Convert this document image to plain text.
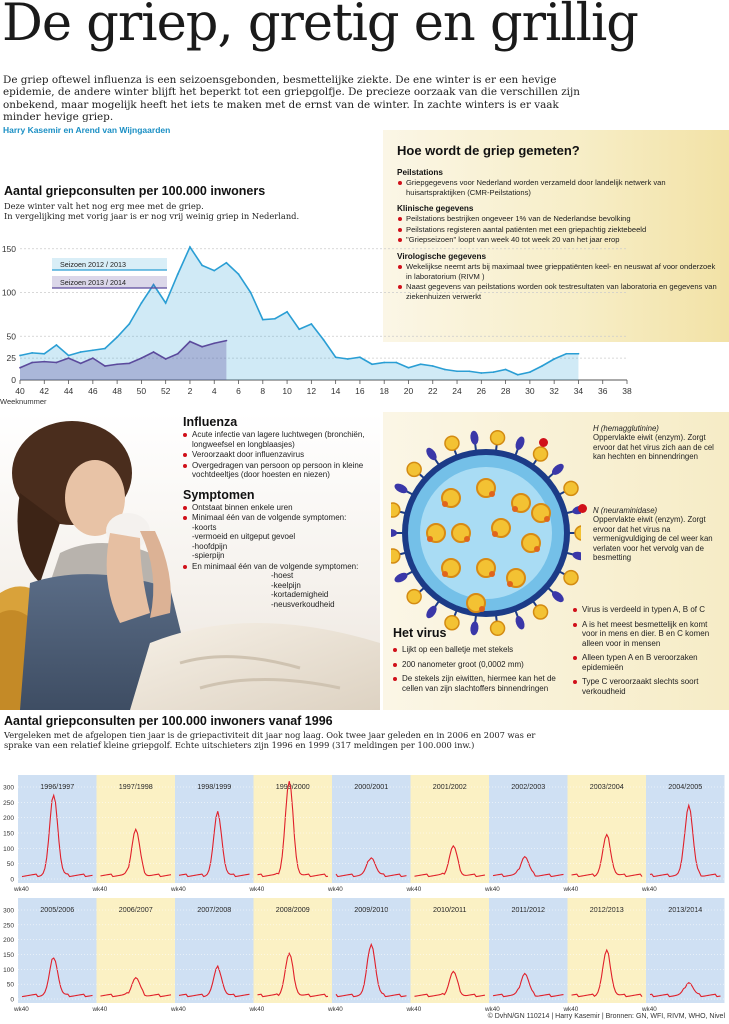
De griep, gretig en grillig
De griep oftewel influenza is een seizoensgebonden, besmettelijke ziekte. De ene winter is er een hevige epidemie, de andere winter blijft het beperkt tot een griepgolfje. De precieze oorzaak van die verschillen zijn onbekend, maar mogelijk heeft het iets te maken met de ernst van de winter. In zachte winters is er vaak minder hevige griep.
Harry Kasemir en Arend van Wijngaarden
Hoe wordt de griep gemeten?
Peilstations
Griepgegevens voor Nederland worden verzameld door landelijk netwerk van huisartspraktijken (CMR-Peilstations)
Klinische gegevens
Peilstations bestrijken ongeveer 1% van de Nederlandse bevolking
Peilstations registeren aantal patiënten met een griepachtig ziektebeeld
"Griepseizoen" loopt van week 40 tot week 20 van het jaar erop
Virologische gegevens
Wekelijkse neemt arts bij maximaal twee grieppatiënten keel- en neuswat af voor onderzoek in laboratorium (RIVM )
Naast gegevens van peilstations worden ook testresultaten van laboratoria en gegevens van ziekenhuizen verwerkt
Aantal griepconsulten per 100.000 inwoners
Deze winter valt het nog erg mee met de griep.
In vergelijking met vorig jaar is er nog vrij weinig griep in Nederland.
0
25
50
100
150
40 42 44 46 48 50 52 2 4 6 8 10 12 14 16 18 20 22 24 26 28 30 32 34 36 38
Weeknummer
Seizoen 2012 / 2013
Seizoen 2013 / 2014
Influenza
Acute infectie van lagere luchtwegen (bronchiën, longweefsel en longblaasjes)
Veroorzaakt door influenzavirus
Overgedragen van persoon op persoon in kleine vochtdeeltjes (door hoesten en niezen)
Symptomen
Ontstaat binnen enkele uren
Minimaal één van de volgende symptomen:
-koorts
-vermoeid en uitgeput gevoel
-hoofdpijn
-spierpijn
En minimaal één van de volgende symptomen:
-hoest
-keelpijn
-kortademigheid
-neusverkoudheid
H (hemagglutinine)
Oppervlakte eiwit (enzym). Zorgt ervoor dat het virus zich aan de cel kan hechten en binnendringen
N (neuraminidase)
Oppervlakte eiwit (enzym). Zorgt ervoor dat het virus na vermenigvuldiging de cel weer kan verlaten voor het vervolg van de besmetting
Virus is verdeeld in typen A, B of C
A is het meest besmettelijk en komt voor in mens en dier. B en C komen alleen voor in mensen
Alleen typen A en B veroorzaken epidemieën
Type C veroorzaakt slechts soort verkoudheid
Het virus
Lijkt op een balletje met stekels
200 nanometer groot (0,0002 mm)
De stekels zijn eiwitten, hiermee kan het de cellen van zijn slachtoffers binnendringen
Aantal griepconsulten per 100.000 inwoners vanaf 1996
Vergeleken met de afgelopen tien jaar is de griepactiviteit dit jaar nog laag. Ook twee jaar geleden en in 2006 en 2007 was er sprake van een relatief kleine griepgolf. Echte uitschieters zijn 1996 en 1999 (317 meldingen per 100.000 inw.)
1996/1997
wk40
1997/1998
wk40
1998/1999
wk40
1999/2000
wk40
2000/2001
wk40
2001/2002
wk40
2002/2003
wk40
2003/2004
wk40
2004/2005
wk40
2005/2006
wk40
2006/2007
wk40
2007/2008
wk40
2008/2009
wk40
2009/2010
wk40
2010/2011
wk40
2011/2012
wk40
2012/2013
wk40
2013/2014
wk40
0
50
100
150
200
250
300
0
50
100
150
200
250
300
© DvhN/GN 110214 | Harry Kasemir | Bronnen: GN, WFI, RIVM, WHO, Nivel
